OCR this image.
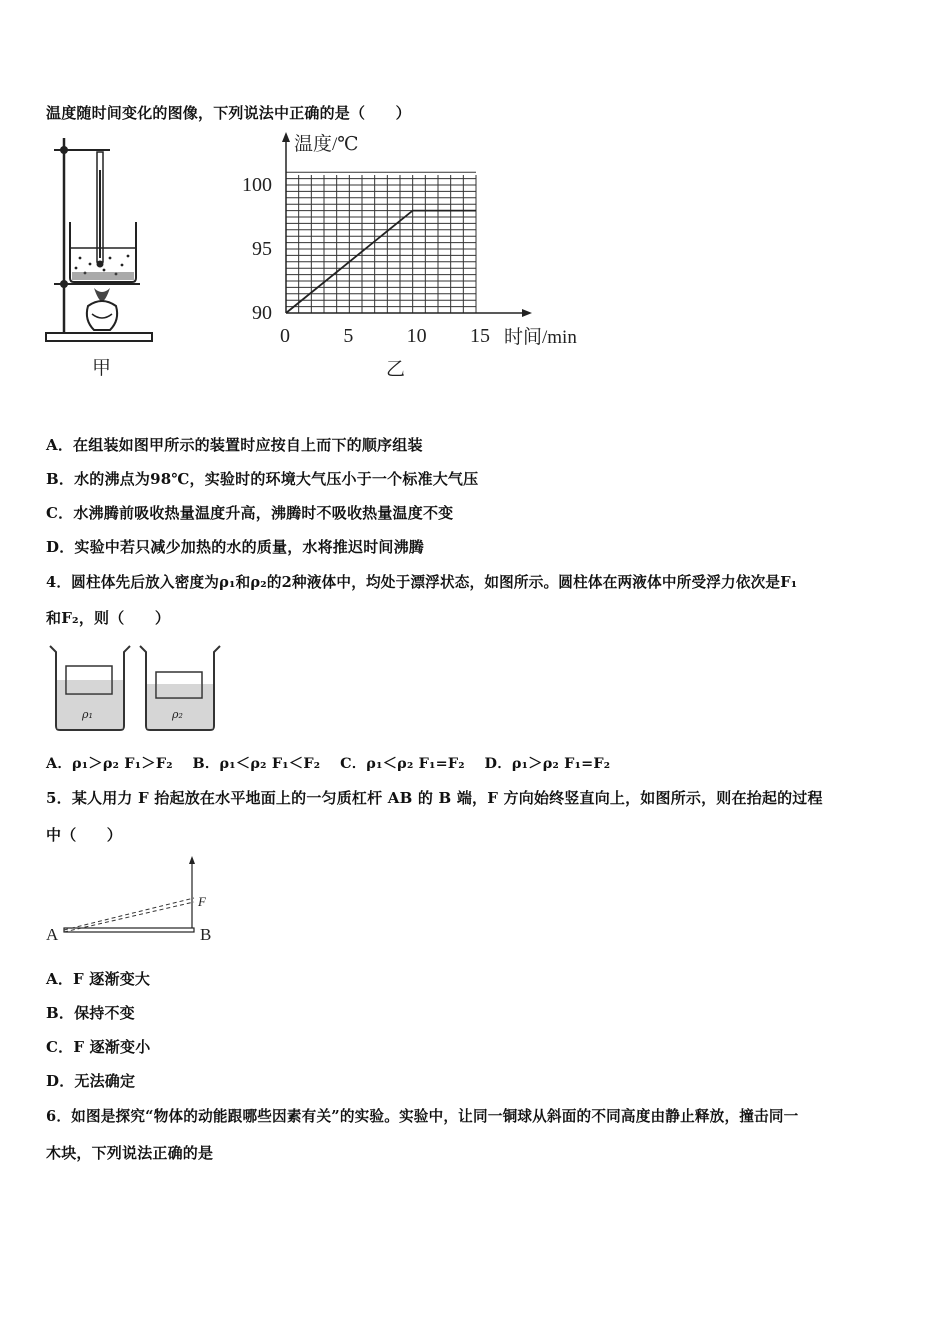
温度随时间变化的图像，下列说法中正确的是（　　）
甲
0	5	10 15
90
95
100
温度/℃
时间/min
乙
A．在组装如图甲所示的装置时应按自上而下的顺序组装
B．水的沸点为98℃，实验时的环境大气压小于一个标准大气压
C．水沸腾前吸收热量温度升高，沸腾时不吸收热量温度不变
D．实验中若只减少加热的水的质量，水将推迟时间沸腾
4．圆柱体先后放入密度为ρ₁和ρ₂的2种液体中，均处于漂浮状态，如图所示。圆柱体在两液体中所受浮力依次是F₁
和F₂，则（　　）
ρ₁	ρ₂
A．ρ₁＞ρ₂ F₁＞F₂　 B．ρ₁＜ρ₂ F₁＜F₂　 C．ρ₁＜ρ₂ F₁=F₂　 D．ρ₁＞ρ₂ F₁=F₂
5．某人用力 F 抬起放在水平地面上的一匀质杠杆 AB 的 B 端，F 方向始终竖直向上，如图所示，则在抬起的过程
中（　　）
A	B
F
A．F 逐渐变大
B．保持不变
C．F 逐渐变小
D．无法确定
6．如图是探究“物体的动能跟哪些因素有关”的实验。实验中，让同一铜球从斜面的不同高度由静止释放，撞击同一
木块，下列说法正确的是
